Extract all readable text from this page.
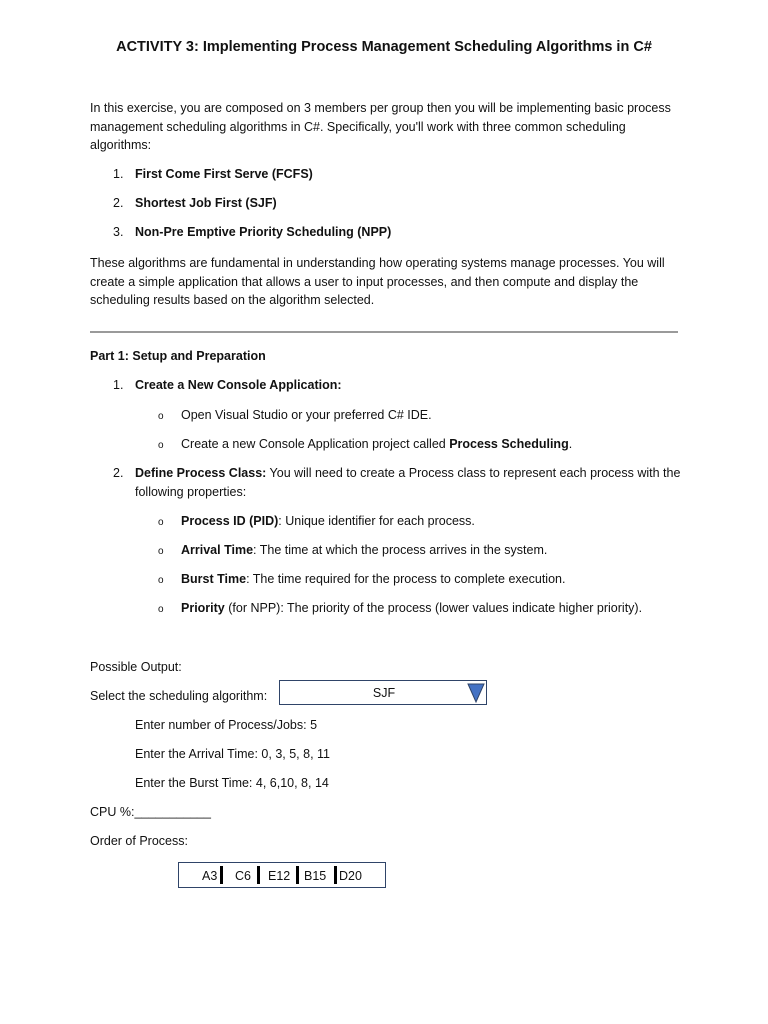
ACTIVITY 3: Implementing Process Management Scheduling Algorithms in C#
In this exercise, you are composed on 3 members per group then you will be implementing basic process
management scheduling algorithms in C#. Specifically, you'll work with three common scheduling
algorithms:
1. First Come First Serve (FCFS)
2. Shortest Job First (SJF)
3. Non-Pre Emptive Priority Scheduling (NPP)
These algorithms are fundamental in understanding how operating systems manage processes. You will
create a simple application that allows a user to input processes, and then compute and display the
scheduling results based on the algorithm selected.
Part 1: Setup and Preparation
1. Create a New Console Application:
o Open Visual Studio or your preferred C# IDE.
o Create a new Console Application project called Process Scheduling.
2. Define Process Class: You will need to create a Process class to represent each process with the
following properties:
o Process ID (PID): Unique identifier for each process.
o Arrival Time: The time at which the process arrives in the system.
o Burst Time: The time required for the process to complete execution.
o Priority (for NPP): The priority of the process (lower values indicate higher priority).
Possible Output:
Select the scheduling algorithm:	SJF
Enter number of Process/Jobs: 5
Enter the Arrival Time: 0, 3, 5, 8, 11
Enter the Burst Time: 4, 6,10, 8, 14
CPU %:___________
Order of Process:
A3 C6 E12 B15 D20
